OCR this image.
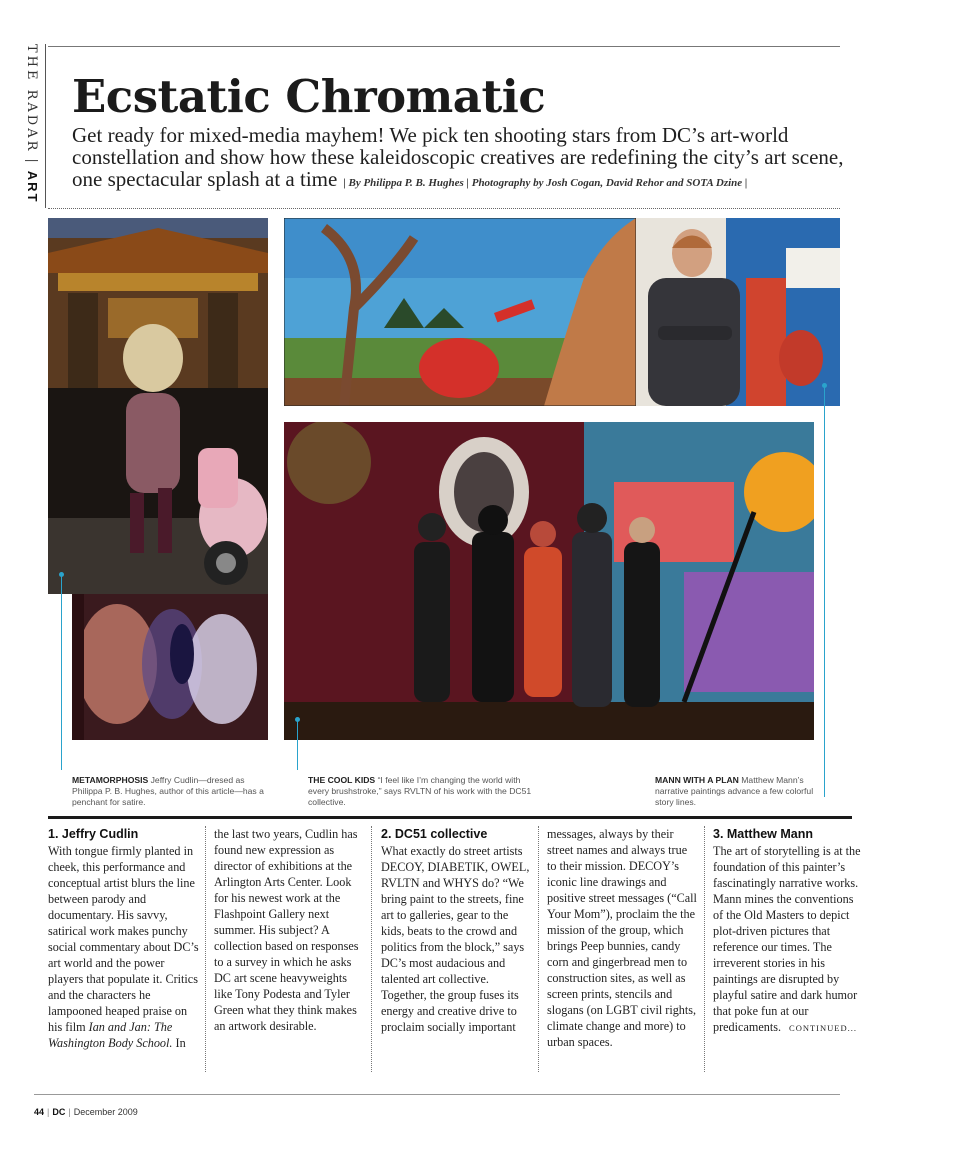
THE RADAR|ART
Ecstatic Chromatic
Get ready for mixed-media mayhem! We pick ten shooting stars from DC’s art-world constellation and show how these kaleidoscopic creatives are redefining the city’s art scene, one spectacular splash at a time | By Philippa P. B. Hughes | Photography by Josh Cogan, David Rehor and SOTA Dzine |
METAMORPHOSIS Jeffry Cudlin—dresed as Philippa P. B. Hughes, author of this article—has a penchant for satire.
THE COOL KIDS “I feel like I’m changing the world with every brushstroke,” says RVLTN of his work with the DC51 collective.
MANN WITH A PLAN Matthew Mann’s narrative paintings advance a few colorful story lines.
1. Jeffry Cudlin

With tongue firmly planted in cheek, this performance and conceptual artist blurs the line between parody and documentary. His savvy, satirical work makes punchy social commentary about DC’s art world and the power players that populate it. Critics and the characters he lampooned heaped praise on his film Ian and Jan: The Washington Body School. In

the last two years, Cudlin has found new expression as director of exhibitions at the Arlington Arts Center. Look for his newest work at the Flashpoint Gallery next summer. His subject? A collection based on responses to a survey in which he asks DC art scene heavyweights like Tony Podesta and Tyler Green what they think makes an artwork desirable.

2. DC51 collective

What exactly do street artists DECOY, DIABETIK, OWEL, RVLTN and WHYS do? “We bring paint to the streets, fine art to galleries, gear to the kids, beats to the crowd and politics from the block,” says DC’s most audacious and talented art collective. Together, the group fuses its energy and creative drive to proclaim socially important

messages, always by their street names and always true to their mission. DECOY’s iconic line drawings and positive street messages (“Call Your Mom”), proclaim the the mission of the group, which brings Peep bunnies, candy corn and gingerbread men to construction sites, as well as screen prints, stencils and slogans (on LGBT civil rights, climate change and more) to urban spaces.

3. Matthew Mann

The art of storytelling is at the foundation of this painter’s fascinatingly narrative works. Mann mines the conventions of the Old Masters to depict plot-driven pictures that reference our times. The irreverent stories in his paintings are disrupted by playful satire and dark humor that poke fun at our predicaments. CONTINUED...

44 | DC | December 2009
